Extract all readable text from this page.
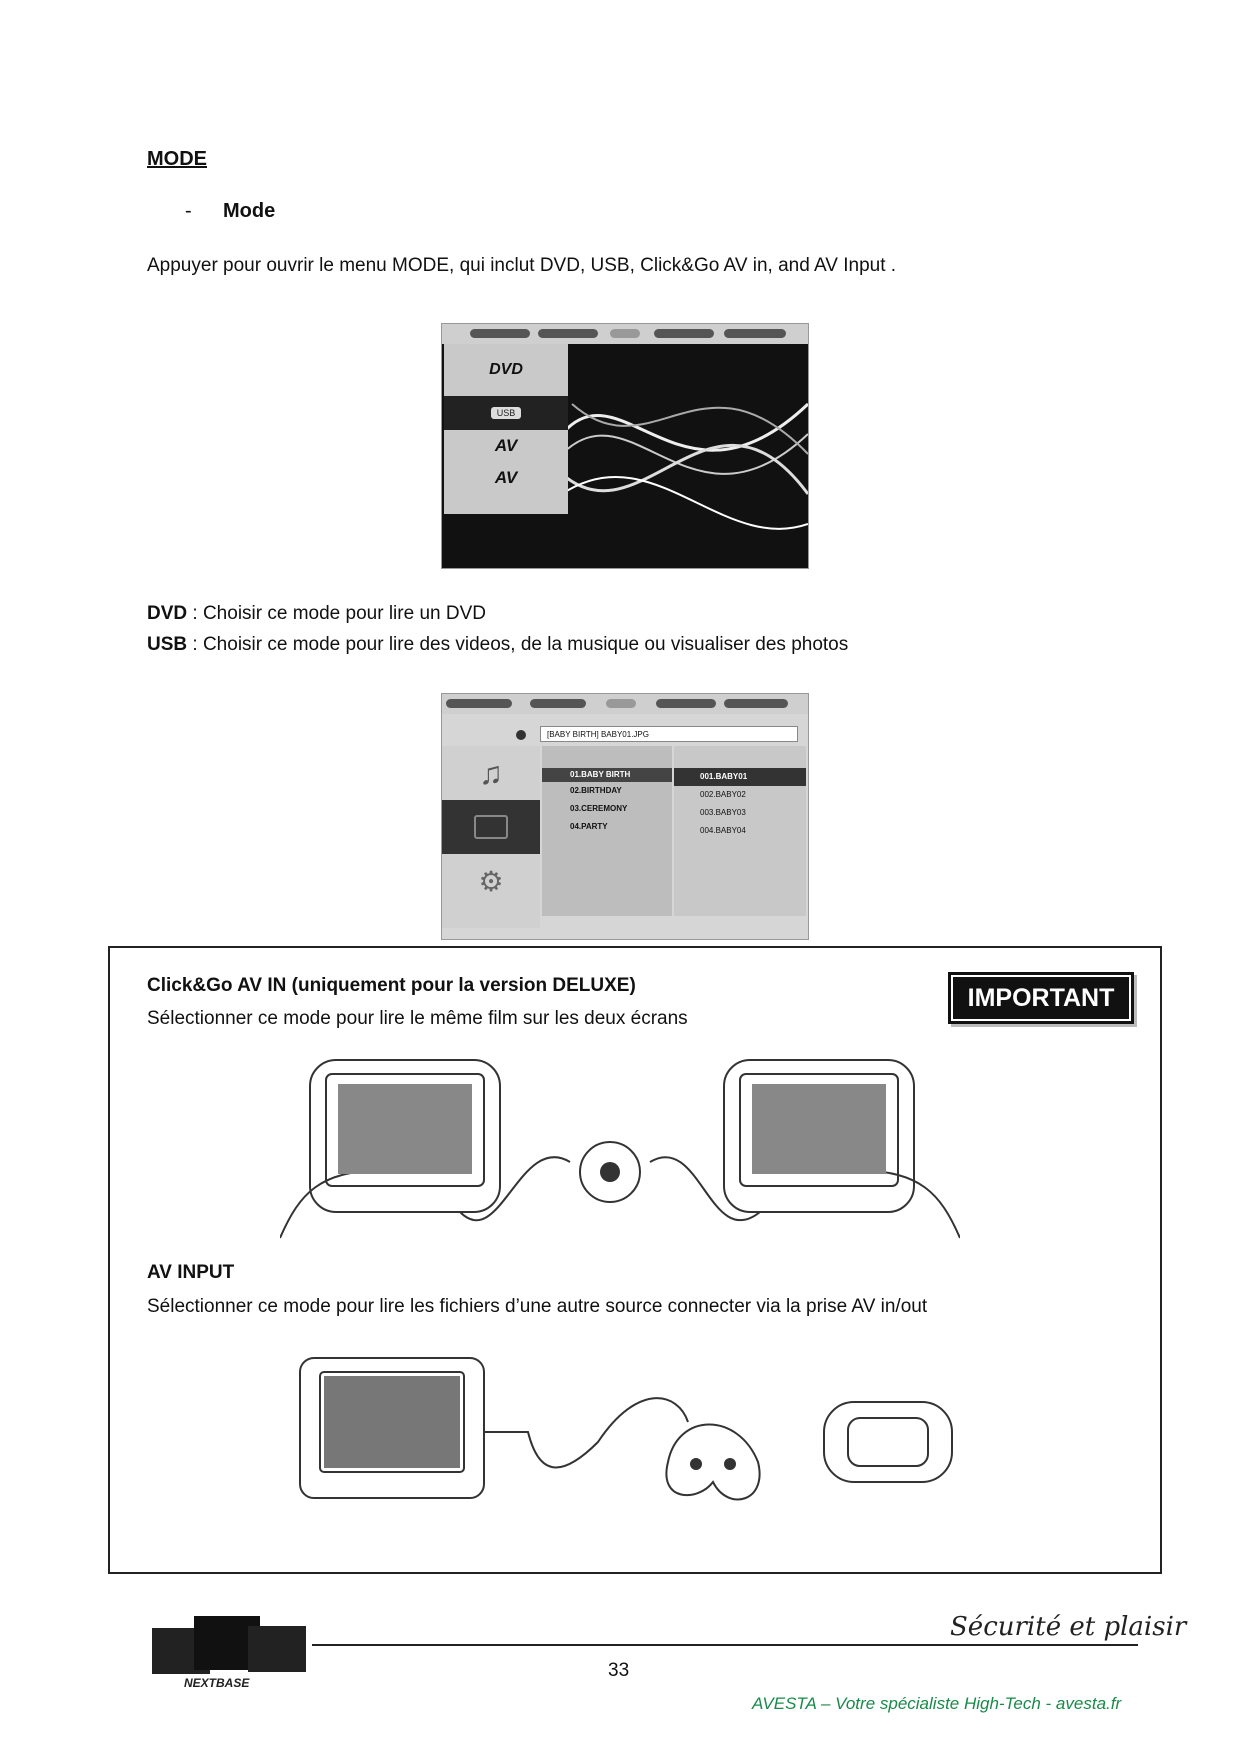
MODE
- Mode
Appuyer pour ouvrir le menu MODE, qui inclut DVD, USB, Click&Go AV in, and AV Input .
DVD
USB
AV
AV
DVD : Choisir ce mode pour lire un DVD
USB : Choisir ce mode pour lire des videos, de la musique ou visualiser des photos
[BABY BIRTH] BABY01.JPG
♫
⚙
01.BABY BIRTH
02.BIRTHDAY
03.CEREMONY
04.PARTY
001.BABY01
002.BABY02
003.BABY03
004.BABY04
IMPORTANT
Click&Go AV IN (uniquement pour la version DELUXE)
Sélectionner ce mode pour lire le même film sur les deux écrans
AV INPUT
Sélectionner ce mode pour lire les fichiers d’une autre source connecter via la prise AV in/out
NEXTBASE
Sécurité et plaisir
33
AVESTA – Votre spécialiste High-Tech - avesta.fr
